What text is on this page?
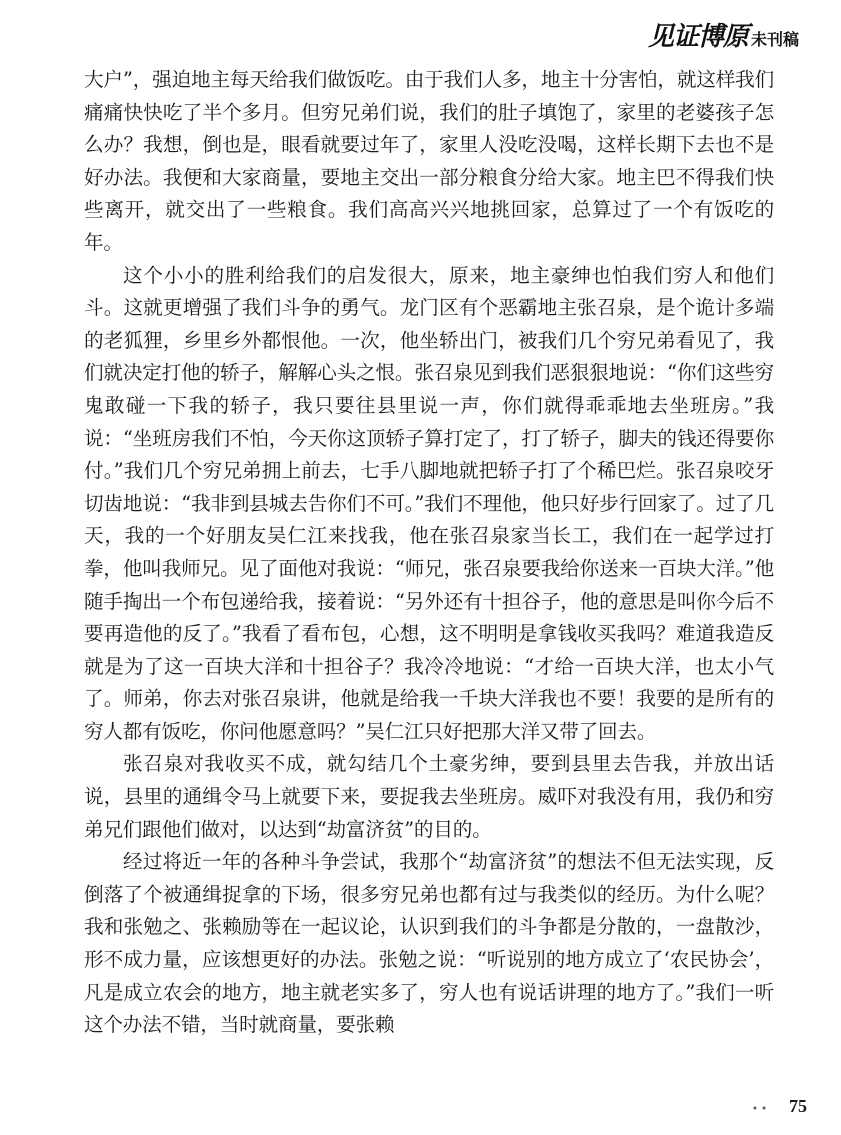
见证博原 未刊稿

大户”，强迫地主每天给我们做饭吃。由于我们人多，地主十分害怕，就这样我们痛痛快快吃了半个多月。但穷兄弟们说，我们的肚子填饱了，家里的老婆孩子怎么办？我想，倒也是，眼看就要过年了，家里人没吃没喝，这样长期下去也不是好办法。我便和大家商量，要地主交出一部分粮食分给大家。地主巴不得我们快些离开，就交出了一些粮食。我们高高兴兴地挑回家，总算过了一个有饭吃的年。

这个小小的胜利给我们的启发很大，原来，地主豪绅也怕我们穷人和他们斗。这就更增强了我们斗争的勇气。龙门区有个恶霸地主张召泉，是个诡计多端的老狐狸，乡里乡外都恨他。一次，他坐轿出门，被我们几个穷兄弟看见了，我们就决定打他的轿子，解解心头之恨。张召泉见到我们恶狠狠地说：“你们这些穷鬼敢碰一下我的轿子，我只要往县里说一声，你们就得乖乖地去坐班房。”我说：“坐班房我们不怕，今天你这顶轿子算打定了，打了轿子，脚夫的钱还得要你付。”我们几个穷兄弟拥上前去，七手八脚地就把轿子打了个稀巴烂。张召泉咬牙切齿地说：“我非到县城去告你们不可。”我们不理他，他只好步行回家了。过了几天，我的一个好朋友吴仁江来找我，他在张召泉家当长工，我们在一起学过打拳，他叫我师兄。见了面他对我说：“师兄，张召泉要我给你送来一百块大洋。”他随手掏出一个布包递给我，接着说：“另外还有十担谷子，他的意思是叫你今后不要再造他的反了。”我看了看布包，心想，这不明明是拿钱收买我吗？难道我造反就是为了这一百块大洋和十担谷子？我冷冷地说：“才给一百块大洋，也太小气了。师弟，你去对张召泉讲，他就是给我一千块大洋我也不要！我要的是所有的穷人都有饭吃，你问他愿意吗？”吴仁江只好把那大洋又带了回去。

张召泉对我收买不成，就勾结几个土豪劣绅，要到县里去告我，并放出话说，县里的通缉令马上就要下来，要捉我去坐班房。威吓对我没有用，我仍和穷弟兄们跟他们做对，以达到“劫富济贫”的目的。

经过将近一年的各种斗争尝试，我那个“劫富济贫”的想法不但无法实现，反倒落了个被通缉捉拿的下场，很多穷兄弟也都有过与我类似的经历。为什么呢？我和张勉之、张赖励等在一起议论，认识到我们的斗争都是分散的，一盘散沙，形不成力量，应该想更好的办法。张勉之说：“听说别的地方成立了‘农民协会’，凡是成立农会的地方，地主就老实多了，穷人也有说话讲理的地方了。”我们一听这个办法不错，当时就商量，要张赖

• • 75
